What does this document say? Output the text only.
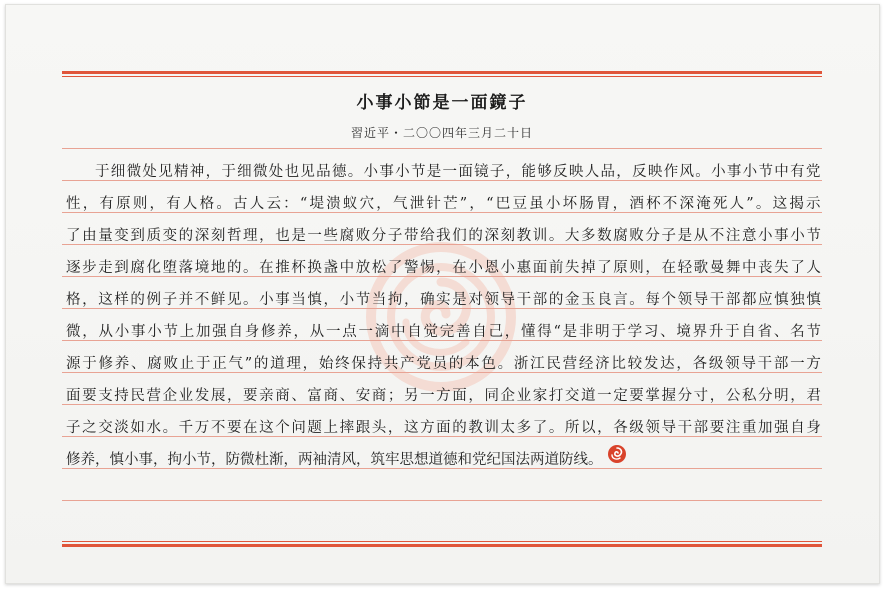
小事小節是一面鏡子
習近平・二〇〇四年三月二十日
于 细 微 处 见 精 神 ， 于 细 微 处 也 见 品 德 。 小 事 小 节 是 一 面 镜 子 ， 能 够 反 映 人 品 ， 反 映 作 风 。 小 事 小 节 中 有 党
性 ， 有 原 则 ， 有 人 格 。 古 人 云 ： “ 堤 溃 蚁 穴 ， 气 泄 针 芒 ” ， “ 巴 豆 虽 小 坏 肠 胃 ， 酒 杯 不 深 淹 死 人 ” 。 这 揭 示
了 由 量 变 到 质 变 的 深 刻 哲 理 ， 也 是 一 些 腐 败 分 子 带 给 我 们 的 深 刻 教 训 。 大 多 数 腐 败 分 子 是 从 不 注 意 小 事 小 节
逐 步 走 到 腐 化 堕 落 境 地 的 。 在 推 杯 换 盏 中 放 松 了 警 惕 ， 在 小 恩 小 惠 面 前 失 掉 了 原 则 ， 在 轻 歌 曼 舞 中 丧 失 了 人
格 ， 这 样 的 例 子 并 不 鲜 见 。 小 事 当 慎 ， 小 节 当 拘 ， 确 实 是 对 领 导 干 部 的 金 玉 良 言 。 每 个 领 导 干 部 都 应 慎 独 慎
微 ， 从 小 事 小 节 上 加 强 自 身 修 养 ， 从 一 点 一 滴 中 自 觉 完 善 自 己 ， 懂 得 “ 是 非 明 于 学 习 、 境 界 升 于 自 省 、 名 节
源 于 修 养 、 腐 败 止 于 正 气 ” 的 道 理 ， 始 终 保 持 共 产 党 员 的 本 色 。 浙 江 民 营 经 济 比 较 发 达 ， 各 级 领 导 干 部 一 方
面 要 支 持 民 营 企 业 发 展 ， 要 亲 商 、 富 商 、 安 商 ； 另 一 方 面 ， 同 企 业 家 打 交 道 一 定 要 掌 握 分 寸 ， 公 私 分 明 ， 君
子 之 交 淡 如 水 。 千 万 不 要 在 这 个 问 题 上 摔 跟 头 ， 这 方 面 的 教 训 太 多 了 。 所 以 ， 各 级 领 导 干 部 要 注 重 加 强 自 身
修养，慎小事，拘小节，防微杜渐，两袖清风，筑牢思想道德和党纪国法两道防线。
